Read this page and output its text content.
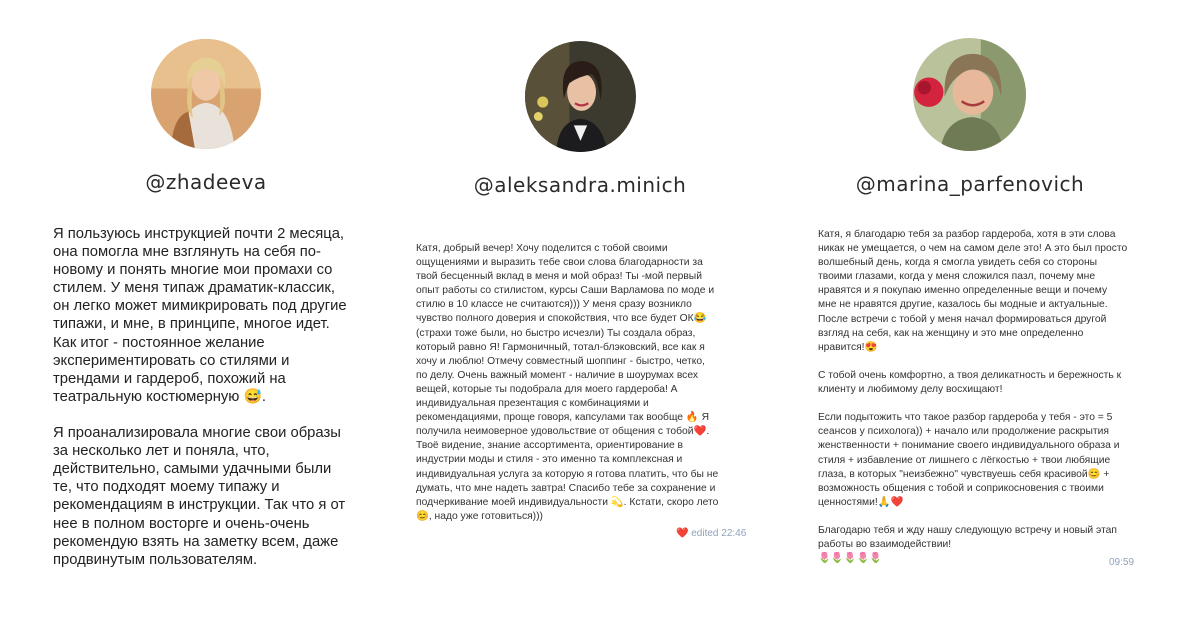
@zhadeeva
Я пользуюсь инструкцией почти 2 месяца,
она помогла мне взглянуть на себя по-
новому и понять многие мои промахи со
стилем. У меня типаж драматик-классик,
он легко может мимикрировать под другие
типажи, и мне, в принципе, многое идет.
Как итог - постоянное желание
экспериментировать со стилями и
трендами и гардероб, похожий на
театральную костюмерную 😅.

Я проанализировала многие свои образы
за несколько лет и поняла, что,
действительно, самыми удачными были
те, что подходят моему типажу и
рекомендациям в инструкции. Так что я от
нее в полном восторге и очень-очень
рекомендую взять на заметку всем, даже
продвинутым пользователям.
@aleksandra.minich
Катя, добрый вечер! Хочу поделится с тобой своими
ощущениями и выразить тебе свои слова благодарности за
твой бесценный вклад в меня и мой образ! Ты -мой первый
опыт работы со стилистом, курсы Саши Варламова по моде и
стилю в 10 классе не считаются))) У меня сразу возникло
чувство полного доверия и спокойствия, что все будет ОК😂
(страхи тоже были, но быстро исчезли) Ты создала образ,
который равно Я! Гармоничный, тотал-блэковский, все как я
хочу и люблю! Отмечу совместный шоппинг - быстро, четко,
по делу. Очень важный момент - наличие в шоурумах всех
вещей, которые ты подобрала для моего гардероба! А
индивидуальная презентация с комбинациями и
рекомендациями, проще говоря, капсулами так вообще 🔥 Я
получила неимоверное удовольствие от общения с тобой❤️.
Твоё видение, знание ассортимента, ориентирование в
индустрии моды и стиля - это именно та комплексная и
индивидуальная услуга за которую я готова платить, что бы не
думать, что мне надеть завтра! Спасибо тебе за сохранение и
подчеркивание моей индивидуальности 💫. Кстати, скоро лето
😊, надо уже готовиться)))
❤️ edited 22:46
@marina_parfenovich
Катя, я благодарю тебя за разбор гардероба, хотя в эти слова
никак не умещается, о чем на самом деле это! А это был просто
волшебный день, когда я смогла увидеть себя со стороны
твоими глазами, когда у меня сложился пазл, почему мне
нравятся и я покупаю именно определенные вещи и почему
мне не нравятся другие, казалось бы модные и актуальные.
После встречи с тобой у меня начал формироваться другой
взгляд на себя, как на женщину и это мне определенно
нравится!😍

С тобой очень комфортно, а твоя деликатность и бережность к
клиенту и любимому делу восхищают!

Если подытожить что такое разбор гардероба у тебя - это = 5
сеансов у психолога)) + начало или продолжение раскрытия
женственности + понимание своего индивидуального образа и
стиля + избавление от лишнего с лёгкостью + твои любящие
глаза, в которых "неизбежно" чувствуешь себя красивой😊 +
возможность общения с тобой и соприкосновения с твоими
ценностями!🙏❤️

Благодарю тебя и жду нашу следующую встречу и новый этап
работы во взаимодействии!
🌷🌷🌷🌷🌷	09:59
